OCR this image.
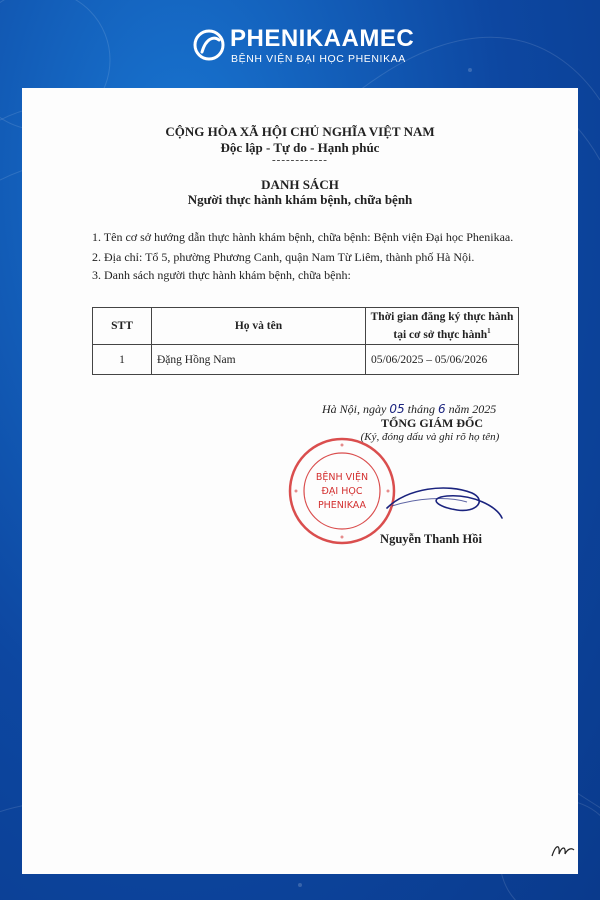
PHENIKAAMEC
BỆNH VIỆN ĐẠI HỌC PHENIKAA
CỘNG HÒA XÃ HỘI CHỦ NGHĨA VIỆT NAM
Độc lập - Tự do - Hạnh phúc
------------
DANH SÁCH
Người thực hành khám bệnh, chữa bệnh
1. Tên cơ sở hướng dẫn thực hành khám bệnh, chữa bệnh: Bệnh viện Đại học Phenikaa.
2. Địa chỉ: Tổ 5, phường Phương Canh, quận Nam Từ Liêm, thành phố Hà Nội.
3. Danh sách người thực hành khám bệnh, chữa bệnh:
STT	Họ và tên	Thời gian đăng ký thực hành
tại cơ sở thực hành$^1$
1	Đặng Hồng Nam	05/06/2025 – 05/06/2026
Hà Nội, ngày 05 tháng 6 năm 2025
TỔNG GIÁM ĐỐC
(Ký, đóng dấu và ghi rõ họ tên)
BỆNH VIỆN
ĐẠI HỌC
PHENIKAA
Nguyễn Thanh Hồi
